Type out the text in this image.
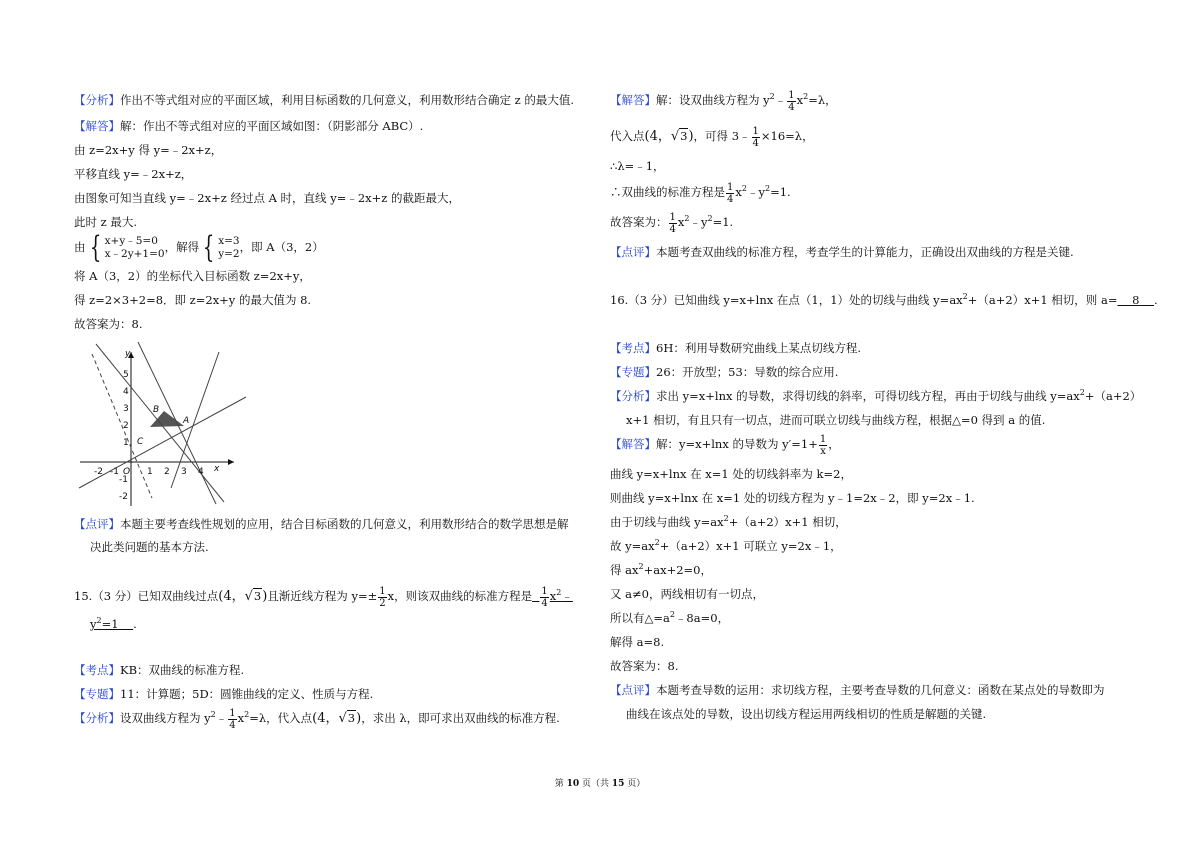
【分析】作出不等式组对应的平面区域，利用目标函数的几何意义，利用数形结合确定 z 的最大值.
【解答】解：作出不等式组对应的平面区域如图：（阴影部分 ABC）.
由 z=2x+y 得 y=﹣2x+z，
平移直线 y=﹣2x+z，
由图象可知当直线 y=﹣2x+z 经过点 A 时，直线 y=﹣2x+z 的截距最大，
此时 z 最大.
由 { x+y﹣5=0
x﹣2y+1=0 ，解得 { x=3
y=2 ，即 A（3，2）
将 A（3，2）的坐标代入目标函数 z=2x+y，
得 z=2×3+2=8．即 z=2x+y 的最大值为 8.
故答案为：8.
-2 -1 O 1 2 3 4 x
5
4
3
2
1
-1
-2
y
A
B
C
【点评】本题主要考查线性规划的应用，结合目标函数的几何意义，利用数形结合的数学思想是解
决此类问题的基本方法.
15.（3 分）已知双曲线过点(4，√3)且渐近线方程为 $y=\pm \frac{1}{2}$ x，则该双曲线的标准方程是 $\frac{1}{4}$ $x^2﹣$
$y^2=1$ .
【考点】KB：双曲线的标准方程.
【专题】11：计算题；5D：圆锥曲线的定义、性质与方程.
【分析】设双曲线方程为 $y^2﹣ \frac{1}{4} x^2=\lambda$，代入点(4，√3)，求出 λ，即可求出双曲线的标准方程.
【解答】解：设双曲线方程为 $y^2﹣ \frac{1}{4} x^2=\lambda$，
代入点(4，√3)，可得 3﹣ $\frac{1}{4} \times 16=\lambda$，
∴λ=﹣1，
∴双曲线的标准方程是 $\frac{1}{4}$ $x^2﹣y^2=1$.
故答案为： $\frac{1}{4}$ $x^2﹣y^2=1$.
【点评】本题考查双曲线的标准方程，考查学生的计算能力，正确设出双曲线的方程是关键.
16.（3 分）已知曲线 y=x+lnx 在点（1，1）处的切线与曲线 $y=ax^2+(a+2)x+1$ 相切，则 a= 8 .
【考点】6H：利用导数研究曲线上某点切线方程.
【专题】26：开放型；53：导数的综合应用.
【分析】求出 y=x+lnx 的导数，求得切线的斜率，可得切线方程，再由于切线与曲线 $y=ax^2+(a+2)$
x+1 相切，有且只有一切点，进而可联立切线与曲线方程，根据△=0 得到 a 的值.
【解答】解：y=x+lnx 的导数为 $y'=1+ \frac{1}{x}$ ，
曲线 y=x+lnx 在 x=1 处的切线斜率为 k=2，
则曲线 y=x+lnx 在 x=1 处的切线方程为 y﹣1=2x﹣2，即 y=2x﹣1.
由于切线与曲线 $y=ax^2+(a+2)x+1$ 相切，
故 $y=ax^2+(a+2)x+1$ 可联立 y=2x﹣1，
得 $ax^2+ax+2=0$，
又 a≠0，两线相切有一切点，
所以有$\triangle=a^2﹣8a=0$，
解得 a=8.
故答案为：8.
【点评】本题考查导数的运用：求切线方程，主要考查导数的几何意义：函数在某点处的导数即为
曲线在该点处的导数，设出切线方程运用两线相切的性质是解题的关键.
第 10 页（共 15 页）
